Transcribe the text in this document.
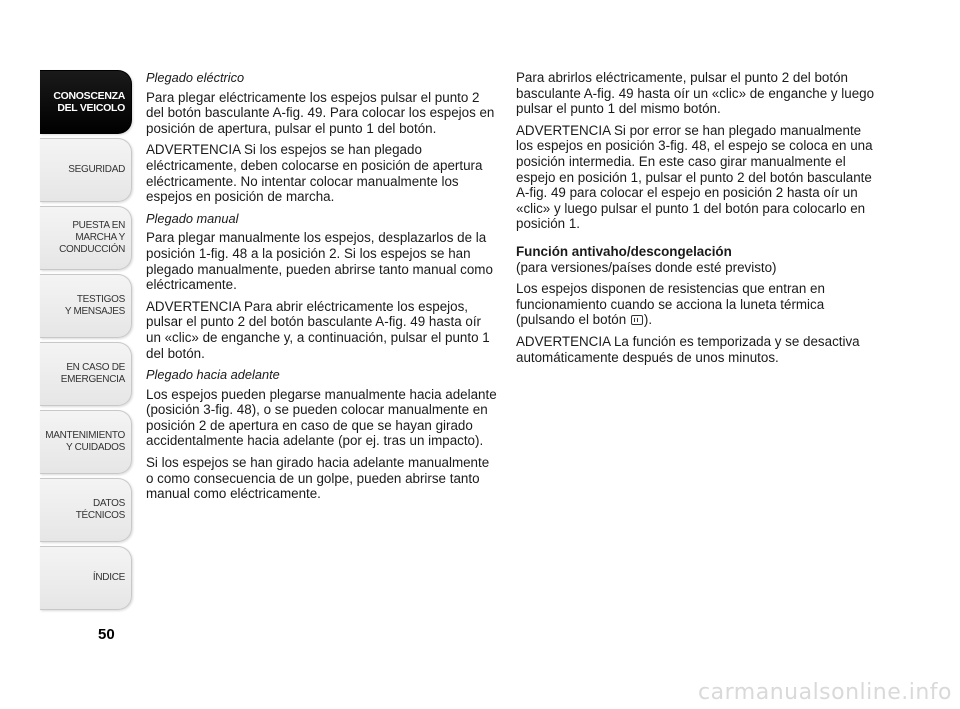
CONOSCENZA
DEL VEICOLO
SEGURIDAD
PUESTA EN
MARCHA Y
CONDUCCIÓN
TESTIGOS
Y MENSAJES
EN CASO DE
EMERGENCIA
MANTENIMIENTO
Y CUIDADOS
DATOS
TÉCNICOS
ÍNDICE
50

Plegado eléctrico

Para plegar eléctricamente los espejos pulsar el punto 2 del botón basculante A-fig. 49. Para colocar los espejos en posición de apertura, pulsar el punto 1 del botón.

ADVERTENCIA Si los espejos se han plegado eléctricamente, deben colocarse en posición de apertura eléctricamente. No intentar colocar manualmente los espejos en posición de marcha.

Plegado manual

Para plegar manualmente los espejos, desplazarlos de la posición 1-fig. 48 a la posición 2. Si los espejos se han plegado manualmente, pueden abrirse tanto manual como eléctricamente.

ADVERTENCIA Para abrir eléctricamente los espejos, pulsar el punto 2 del botón basculante A-fig. 49 hasta oír un «clic» de enganche y, a continuación, pulsar el punto 1 del botón.

Plegado hacia adelante

Los espejos pueden plegarse manualmente hacia adelante (posición 3-fig. 48), o se pueden colocar manualmente en posición 2 de apertura en caso de que se hayan girado accidentalmente hacia adelante (por ej. tras un impacto).

Si los espejos se han girado hacia adelante manualmente o como consecuencia de un golpe, pueden abrirse tanto manual como eléctricamente.

Para abrirlos eléctricamente, pulsar el punto 2 del botón basculante A-fig. 49 hasta oír un «clic» de enganche y luego pulsar el punto 1 del mismo botón.

ADVERTENCIA Si por error se han plegado manualmente los espejos en posición 3-fig. 48, el espejo se coloca en una posición intermedia. En este caso girar manualmente el espejo en posición 1, pulsar el punto 2 del botón basculante A-fig. 49 para colocar el espejo en posición 2 hasta oír un «clic» y luego pulsar el punto 1 del botón para colocarlo en posición 1.

Función antivaho/descongelación

(para versiones/países donde esté previsto)

Los espejos disponen de resistencias que entran en funcionamiento cuando se acciona la luneta térmica (pulsando el botón ).

ADVERTENCIA La función es temporizada y se desactiva automáticamente después de unos minutos.

carmanualsonline.info
